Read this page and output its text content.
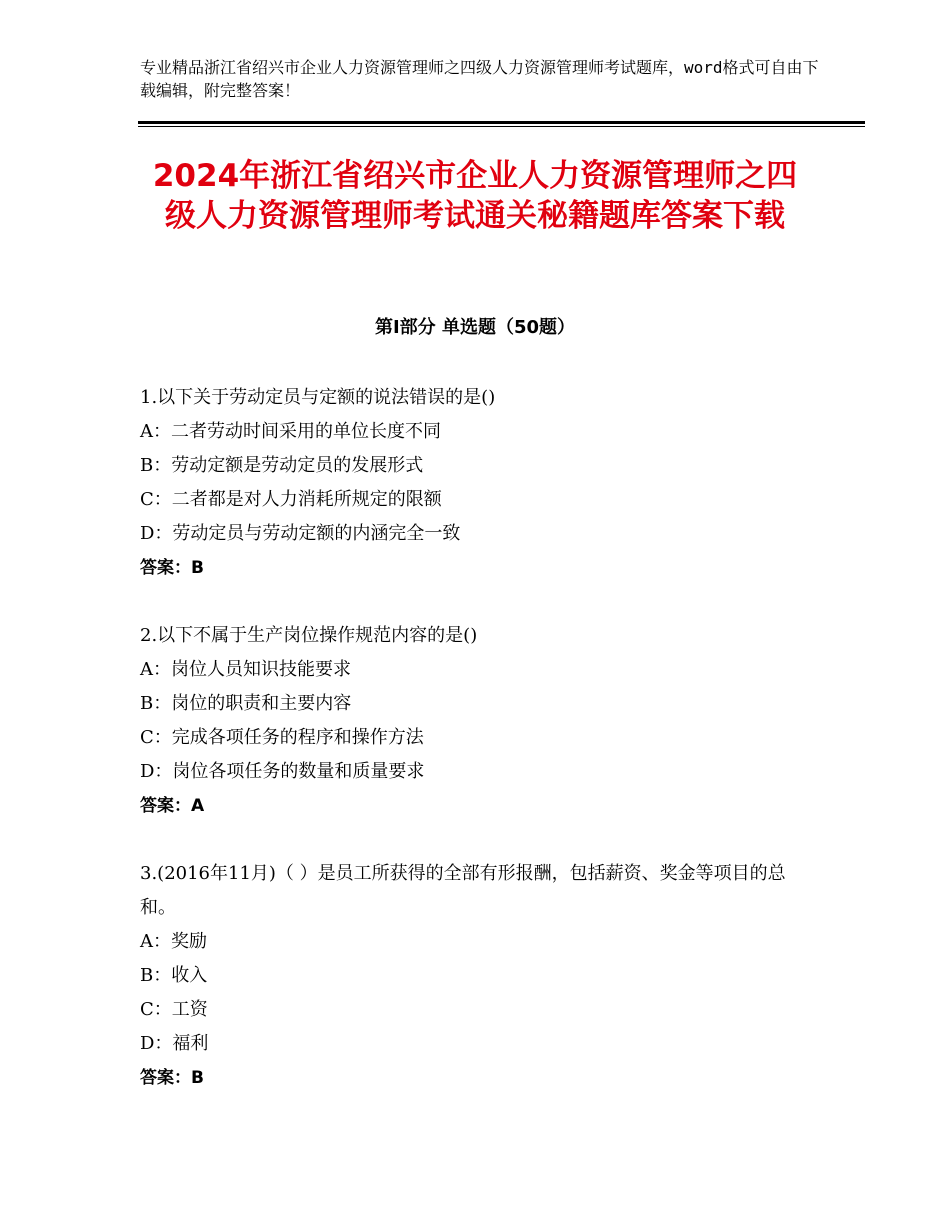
专业精品浙江省绍兴市企业人力资源管理师之四级人力资源管理师考试题库，word格式可自由下载编辑，附完整答案！
2024年浙江省绍兴市企业人力资源管理师之四级人力资源管理师考试通关秘籍题库答案下载
第Ⅰ部分 单选题（50题）
1.以下关于劳动定员与定额的说法错误的是()
A：二者劳动时间采用的单位长度不同
B：劳动定额是劳动定员的发展形式
C：二者都是对人力消耗所规定的限额
D：劳动定员与劳动定额的内涵完全一致
答案：B
2.以下不属于生产岗位操作规范内容的是()
A：岗位人员知识技能要求
B：岗位的职责和主要内容
C：完成各项任务的程序和操作方法
D：岗位各项任务的数量和质量要求
答案：A
3.(2016年11月)（ ）是员工所获得的全部有形报酬，包括薪资、奖金等项目的总和。
A：奖励
B：收入
C：工资
D：福利
答案：B
